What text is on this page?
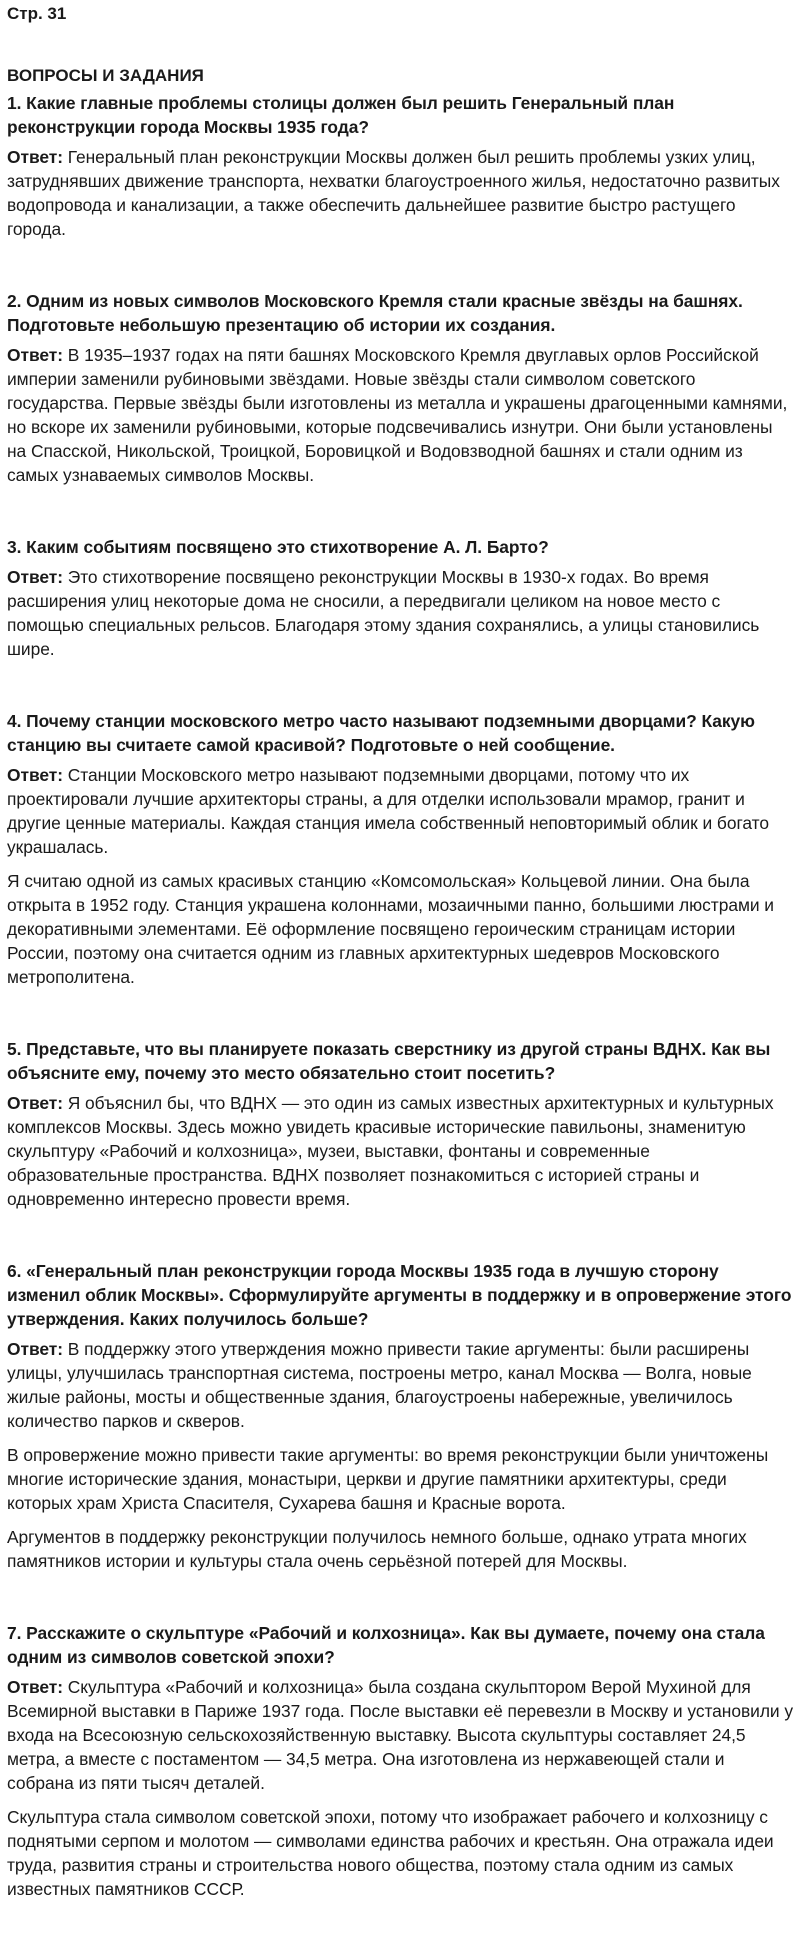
Стр. 31
ВОПРОСЫ И ЗАДАНИЯ
1. Какие главные проблемы столицы должен был решить Генеральный план реконструкции города Москвы 1935 года?

Ответ: Генеральный план реконструкции Москвы должен был решить проблемы узких улиц, затруднявших движение транспорта, нехватки благоустроенного жилья, недостаточно развитых водопровода и канализации, а также обеспечить дальнейшее развитие быстро растущего города.

2. Одним из новых символов Московского Кремля стали красные звёзды на башнях. Подготовьте небольшую презентацию об истории их создания.

Ответ: В 1935–1937 годах на пяти башнях Московского Кремля двуглавых орлов Российской империи заменили рубиновыми звёздами. Новые звёзды стали символом советского государства. Первые звёзды были изготовлены из металла и украшены драгоценными камнями, но вскоре их заменили рубиновыми, которые подсвечивались изнутри. Они были установлены на Спасской, Никольской, Троицкой, Боровицкой и Водовзводной башнях и стали одним из самых узнаваемых символов Москвы.

3. Каким событиям посвящено это стихотворение А. Л. Барто?

Ответ: Это стихотворение посвящено реконструкции Москвы в 1930-х годах. Во время расширения улиц некоторые дома не сносили, а передвигали целиком на новое место с помощью специальных рельсов. Благодаря этому здания сохранялись, а улицы становились шире.

4. Почему станции московского метро часто называют подземными дворцами? Какую станцию вы считаете самой красивой? Подготовьте о ней сообщение.

Ответ: Станции Московского метро называют подземными дворцами, потому что их проектировали лучшие архитекторы страны, а для отделки использовали мрамор, гранит и другие ценные материалы. Каждая станция имела собственный неповторимый облик и богато украшалась.

Я считаю одной из самых красивых станцию «Комсомольская» Кольцевой линии. Она была открыта в 1952 году. Станция украшена колоннами, мозаичными панно, большими люстрами и декоративными элементами. Её оформление посвящено героическим страницам истории России, поэтому она считается одним из главных архитектурных шедевров Московского метрополитена.

5. Представьте, что вы планируете показать сверстнику из другой страны ВДНХ. Как вы объясните ему, почему это место обязательно стоит посетить?

Ответ: Я объяснил бы, что ВДНХ — это один из самых известных архитектурных и культурных комплексов Москвы. Здесь можно увидеть красивые исторические павильоны, знаменитую скульптуру «Рабочий и колхозница», музеи, выставки, фонтаны и современные образовательные пространства. ВДНХ позволяет познакомиться с историей страны и одновременно интересно провести время.

6. «Генеральный план реконструкции города Москвы 1935 года в лучшую сторону изменил облик Москвы». Сформулируйте аргументы в поддержку и в опровержение этого утверждения. Каких получилось больше?

Ответ: В поддержку этого утверждения можно привести такие аргументы: были расширены улицы, улучшилась транспортная система, построены метро, канал Москва — Волга, новые жилые районы, мосты и общественные здания, благоустроены набережные, увеличилось количество парков и скверов.

В опровержение можно привести такие аргументы: во время реконструкции были уничтожены многие исторические здания, монастыри, церкви и другие памятники архитектуры, среди которых храм Христа Спасителя, Сухарева башня и Красные ворота.

Аргументов в поддержку реконструкции получилось немного больше, однако утрата многих памятников истории и культуры стала очень серьёзной потерей для Москвы.

7. Расскажите о скульптуре «Рабочий и колхозница». Как вы думаете, почему она стала одним из символов советской эпохи?

Ответ: Скульптура «Рабочий и колхозница» была создана скульптором Верой Мухиной для Всемирной выставки в Париже 1937 года. После выставки её перевезли в Москву и установили у входа на Всесоюзную сельскохозяйственную выставку. Высота скульптуры составляет 24,5 метра, а вместе с постаментом — 34,5 метра. Она изготовлена из нержавеющей стали и собрана из пяти тысяч деталей.

Скульптура стала символом советской эпохи, потому что изображает рабочего и колхозницу с поднятыми серпом и молотом — символами единства рабочих и крестьян. Она отражала идеи труда, развития страны и строительства нового общества, поэтому стала одним из самых известных памятников СССР.
